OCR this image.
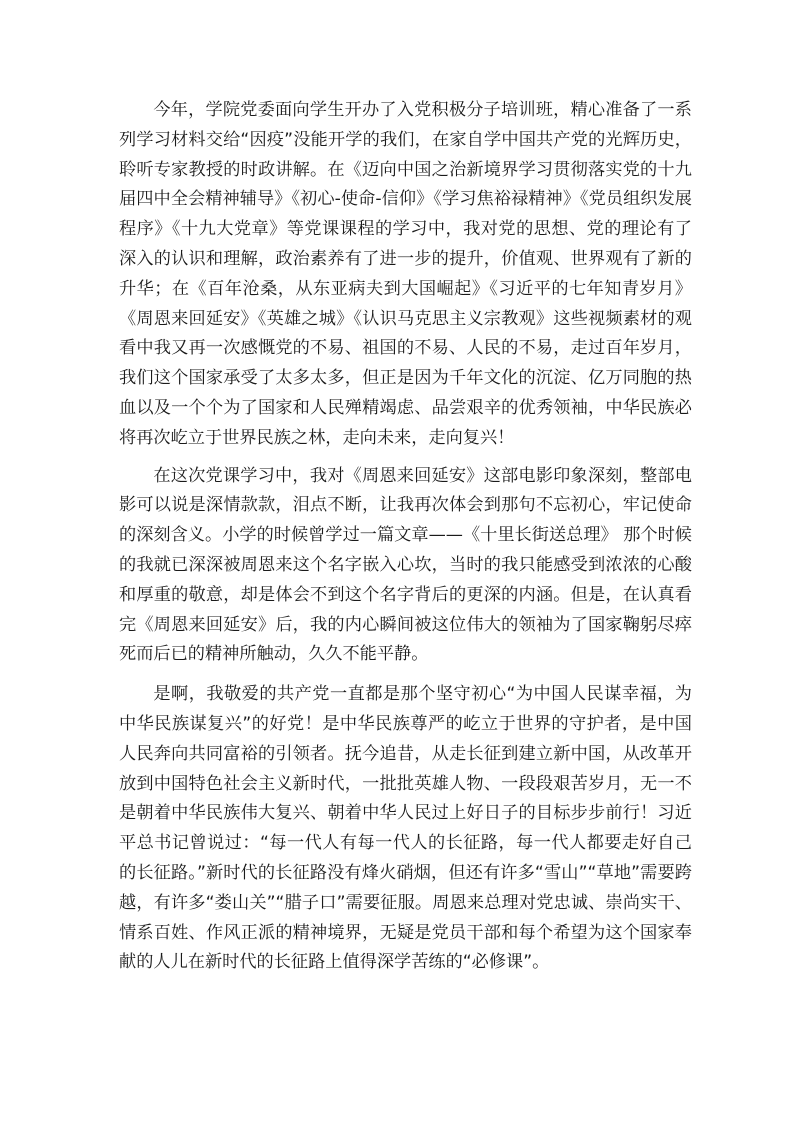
今年，学院党委面向学生开办了入党积极分子培训班，精心准备了一系列学习材料交给“因疫”没能开学的我们，在家自学中国共产党的光辉历史，聆听专家教授的时政讲解。在《迈向中国之治新境界学习贯彻落实党的十九届四中全会精神辅导》《初心-使命-信仰》《学习焦裕禄精神》《党员组织发展程序》《十九大党章》等党课课程的学习中，我对党的思想、党的理论有了深入的认识和理解，政治素养有了进一步的提升，价值观、世界观有了新的升华；在《百年沧桑，从东亚病夫到大国崛起》《习近平的七年知青岁月》《周恩来回延安》《英雄之城》《认识马克思主义宗教观》这些视频素材的观看中我又再一次感慨党的不易、祖国的不易、人民的不易，走过百年岁月，我们这个国家承受了太多太多，但正是因为千年文化的沉淀、亿万同胞的热血以及一个个为了国家和人民殚精竭虑、品尝艰辛的优秀领袖，中华民族必将再次屹立于世界民族之林，走向未来，走向复兴！

在这次党课学习中，我对《周恩来回延安》这部电影印象深刻，整部电影可以说是深情款款，泪点不断，让我再次体会到那句不忘初心，牢记使命的深刻含义。小学的时候曾学过一篇文章——《十里长街送总理》 那个时候的我就已深深被周恩来这个名字嵌入心坎，当时的我只能感受到浓浓的心酸和厚重的敬意，却是体会不到这个名字背后的更深的内涵。但是，在认真看完《周恩来回延安》后，我的内心瞬间被这位伟大的领袖为了国家鞠躬尽瘁死而后已的精神所触动，久久不能平静。

是啊，我敬爱的共产党一直都是那个坚守初心“为中国人民谋幸福，为中华民族谋复兴”的好党！是中华民族尊严的屹立于世界的守护者，是中国人民奔向共同富裕的引领者。抚今追昔，从走长征到建立新中国，从改革开放到中国特色社会主义新时代，一批批英雄人物、一段段艰苦岁月，无一不是朝着中华民族伟大复兴、朝着中华人民过上好日子的目标步步前行！习近平总书记曾说过：“每一代人有每一代人的长征路，每一代人都要走好自己的长征路。”新时代的长征路没有烽火硝烟，但还有许多“雪山”“草地”需要跨越，有许多“娄山关”“腊子口”需要征服。周恩来总理对党忠诚、崇尚实干、情系百姓、作风正派的精神境界，无疑是党员干部和每个希望为这个国家奉献的人儿在新时代的长征路上值得深学苦练的“必修课”。
